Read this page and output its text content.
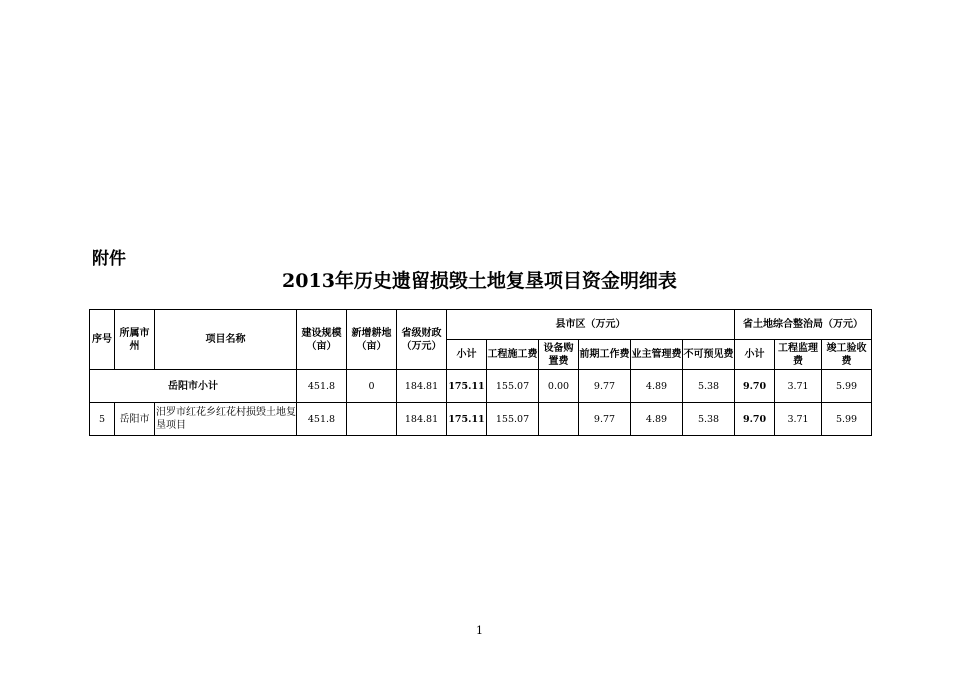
附件
2013年历史遗留损毁土地复垦项目资金明细表
序号	所属市州	项目名称	建设规模（亩）	新增耕地（亩）	省级财政（万元）	县市区（万元）						省土地综合整治局（万元）		
						小计	工程施工费	设备购置费	前期工作费	业主管理费	不可预见费	小计	工程监理费	竣工验收费
岳阳市小计			451.8	0	184.81	175.11	155.07	0.00	9.77	4.89	5.38	9.70	3.71	5.99
5	岳阳市	汨罗市红花乡红花村损毁土地复垦项目	451.8		184.81	175.11	155.07		9.77	4.89	5.38	9.70	3.71	5.99
1
